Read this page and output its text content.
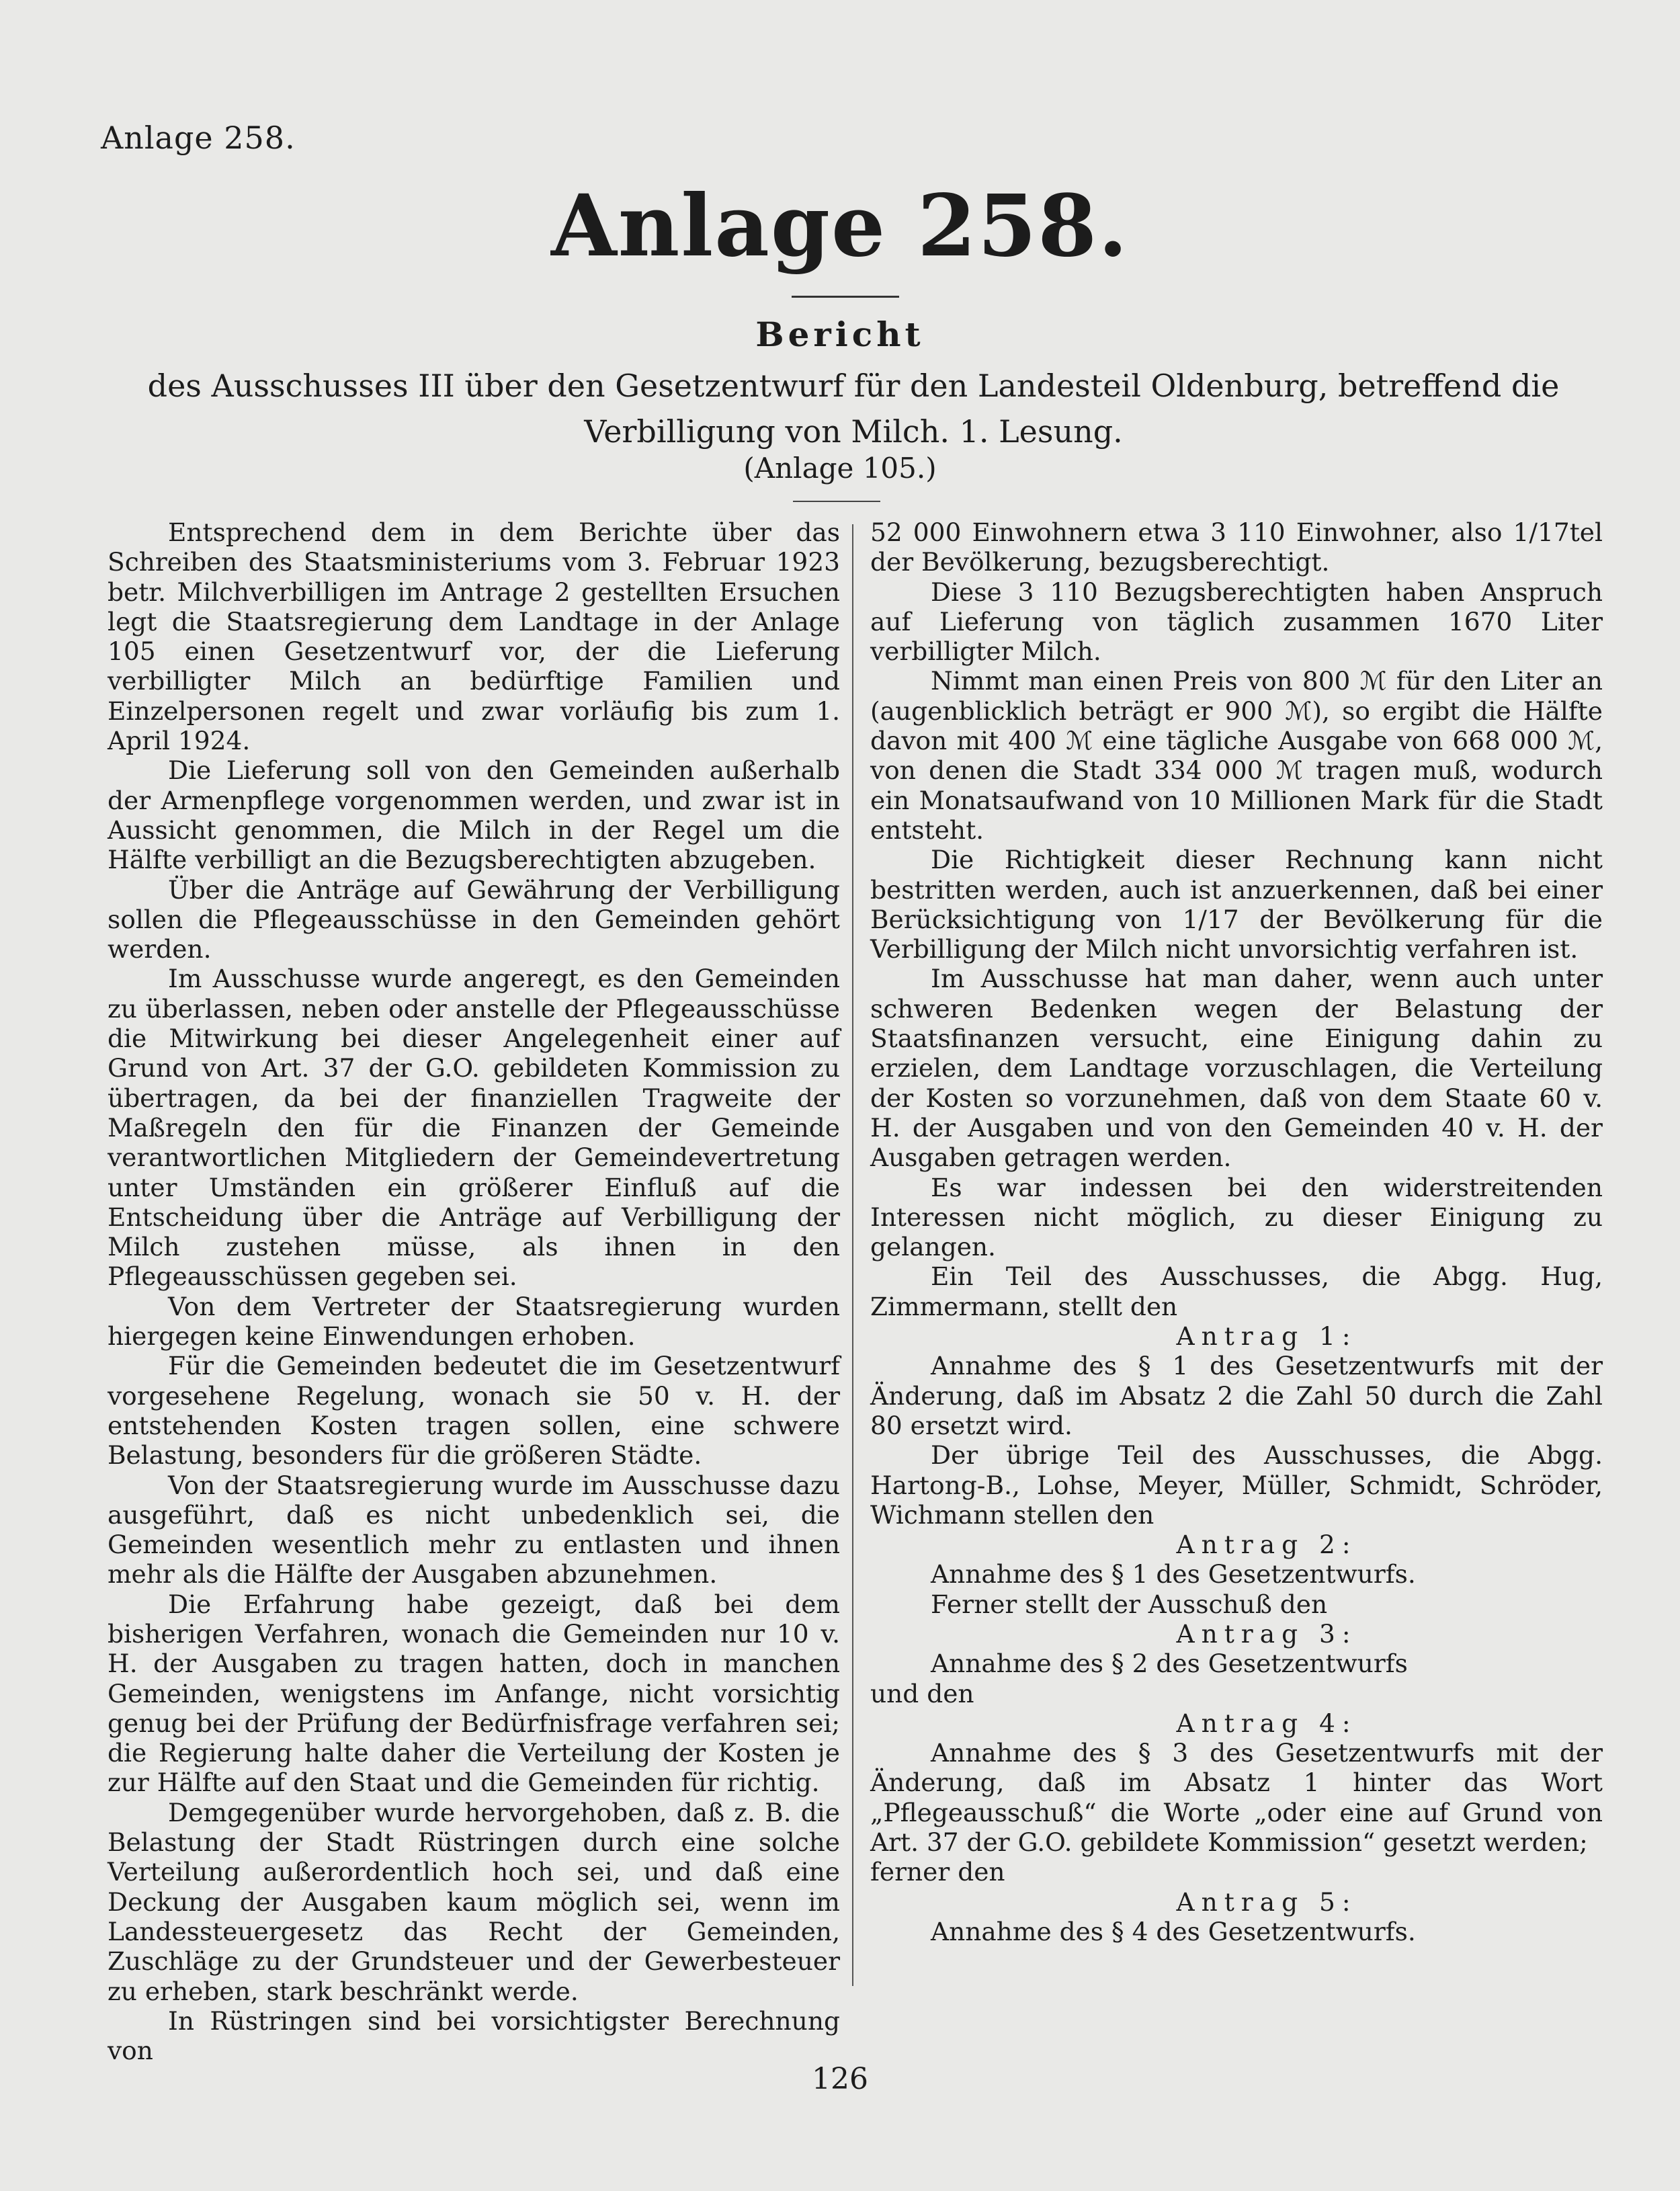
Anlage 258.
Anlage 258.
Bericht
des Ausschusses III über den Gesetzentwurf für den Landesteil Oldenburg, betreffend die Verbilligung von Milch. 1. Lesung.
(Anlage 105.)

Entsprechend dem in dem Berichte über das Schreiben des Staatsministeriums vom 3. Februar 1923 betr. Milchverbilligen im Antrage 2 gestellten Ersuchen legt die Staatsregierung dem Landtage in der Anlage 105 einen Gesetzentwurf vor, der die Lieferung verbilligter Milch an bedürftige Familien und Einzelpersonen regelt und zwar vorläufig bis zum 1. April 1924.

Die Lieferung soll von den Gemeinden außerhalb der Armenpflege vorgenommen werden, und zwar ist in Aussicht genommen, die Milch in der Regel um die Hälfte verbilligt an die Bezugsberechtigten abzugeben.

Über die Anträge auf Gewährung der Verbilligung sollen die Pflegeausschüsse in den Gemeinden gehört werden.

Im Ausschusse wurde angeregt, es den Gemeinden zu überlassen, neben oder anstelle der Pflegeausschüsse die Mitwirkung bei dieser Angelegenheit einer auf Grund von Art. 37 der G.O. gebildeten Kommission zu übertragen, da bei der finanziellen Tragweite der Maßregeln den für die Finanzen der Gemeinde verantwortlichen Mitgliedern der Gemeindevertretung unter Umständen ein größerer Einfluß auf die Entscheidung über die Anträge auf Verbilligung der Milch zustehen müsse, als ihnen in den Pflegeausschüssen gegeben sei.

Von dem Vertreter der Staatsregierung wurden hiergegen keine Einwendungen erhoben.

Für die Gemeinden bedeutet die im Gesetzentwurf vorgesehene Regelung, wonach sie 50 v. H. der entstehenden Kosten tragen sollen, eine schwere Belastung, besonders für die größeren Städte.

Von der Staatsregierung wurde im Ausschusse dazu ausgeführt, daß es nicht unbedenklich sei, die Gemeinden wesentlich mehr zu entlasten und ihnen mehr als die Hälfte der Ausgaben abzunehmen.

Die Erfahrung habe gezeigt, daß bei dem bisherigen Verfahren, wonach die Gemeinden nur 10 v. H. der Ausgaben zu tragen hatten, doch in manchen Gemeinden, wenigstens im Anfange, nicht vorsichtig genug bei der Prüfung der Bedürfnisfrage verfahren sei; die Regierung halte daher die Verteilung der Kosten je zur Hälfte auf den Staat und die Gemeinden für richtig.

Demgegenüber wurde hervorgehoben, daß z. B. die Belastung der Stadt Rüstringen durch eine solche Verteilung außerordentlich hoch sei, und daß eine Deckung der Ausgaben kaum möglich sei, wenn im Landessteuergesetz das Recht der Gemeinden, Zuschläge zu der Grundsteuer und der Gewerbesteuer zu erheben, stark beschränkt werde.

In Rüstringen sind bei vorsichtigster Berechnung von

52 000 Einwohnern etwa 3 110 Einwohner, also 1/17tel der Bevölkerung, bezugsberechtigt.

Diese 3 110 Bezugsberechtigten haben Anspruch auf Lieferung von täglich zusammen 1670 Liter verbilligter Milch.

Nimmt man einen Preis von 800 ℳ für den Liter an (augenblicklich beträgt er 900 ℳ), so ergibt die Hälfte davon mit 400 ℳ eine tägliche Ausgabe von 668 000 ℳ, von denen die Stadt 334 000 ℳ tragen muß, wodurch ein Monatsaufwand von 10 Millionen Mark für die Stadt entsteht.

Die Richtigkeit dieser Rechnung kann nicht bestritten werden, auch ist anzuerkennen, daß bei einer Berücksichtigung von 1/17 der Bevölkerung für die Verbilligung der Milch nicht unvorsichtig verfahren ist.

Im Ausschusse hat man daher, wenn auch unter schweren Bedenken wegen der Belastung der Staatsfinanzen versucht, eine Einigung dahin zu erzielen, dem Landtage vorzuschlagen, die Verteilung der Kosten so vorzunehmen, daß von dem Staate 60 v. H. der Ausgaben und von den Gemeinden 40 v. H. der Ausgaben getragen werden.

Es war indessen bei den widerstreitenden Interessen nicht möglich, zu dieser Einigung zu gelangen.

Ein Teil des Ausschusses, die Abgg. Hug, Zimmermann, stellt den

Antrag 1:

Annahme des § 1 des Gesetzentwurfs mit der Änderung, daß im Absatz 2 die Zahl 50 durch die Zahl 80 ersetzt wird.

Der übrige Teil des Ausschusses, die Abgg. Hartong-B., Lohse, Meyer, Müller, Schmidt, Schröder, Wichmann stellen den

Antrag 2:

Annahme des § 1 des Gesetzentwurfs.

Ferner stellt der Ausschuß den

Antrag 3:

Annahme des § 2 des Gesetzentwurfs

und den

Antrag 4:

Annahme des § 3 des Gesetzentwurfs mit der Änderung, daß im Absatz 1 hinter das Wort „Pflegeausschuß“ die Worte „oder eine auf Grund von Art. 37 der G.O. gebildete Kommission“ gesetzt werden;

ferner den

Antrag 5:

Annahme des § 4 des Gesetzentwurfs.

126
